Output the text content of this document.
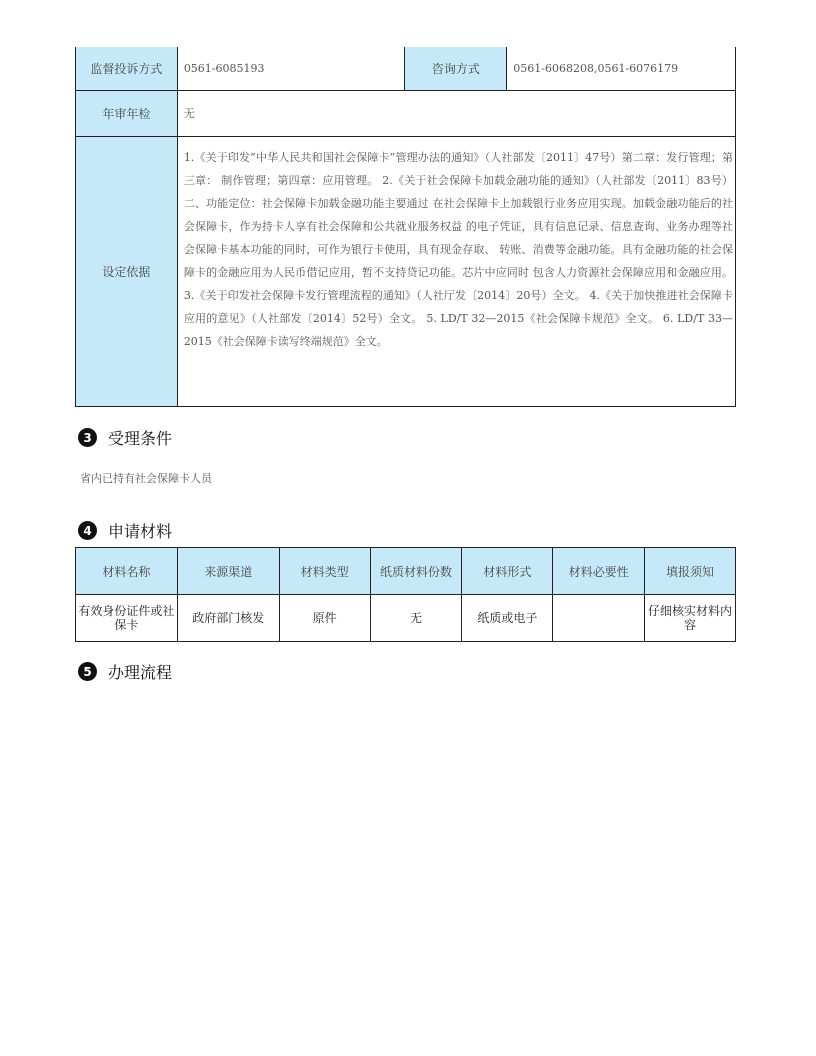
监督投诉方式	0561-6085193	咨询方式	0561-6068208,0561-6076179
年审年检	无		
设定依据	1.《关于印发“中华人民共和国社会保障卡”管理办法的通知》（人社部发〔2011〕47号）第二章：发行管理；第三章： 制作管理；第四章：应用管理。 2.《关于社会保障卡加载金融功能的通知》（人社部发〔2011〕83号）二、功能定位：社会保障卡加载金融功能主要通过 在社会保障卡上加载银行业务应用实现。加载金融功能后的社会保障卡，作为持卡人享有社会保障和公共就业服务权益 的电子凭证，具有信息记录、信息查询、业务办理等社会保障卡基本功能的同时，可作为银行卡使用，具有现金存取、 转账、消费等金融功能。具有金融功能的社会保障卡的金融应用为人民币借记应用，暂不支持贷记功能。芯片中应同时 包含人力资源社会保障应用和金融应用。 3.《关于印发社会保障卡发行管理流程的通知》（人社厅发〔2014〕20号）全文。 4.《关于加快推进社会保障卡应用的意见》（人社部发〔2014〕52号）全文。 5. LD/T 32—2015《社会保障卡规范》全文。 6. LD/T 33—2015《社会保障卡读写终端规范》全文。		
3	受理条件
省内已持有社会保障卡人员
4	申请材料
材料名称	来源渠道	材料类型	纸质材料份数	材料形式	材料必要性	填报须知
有效身份证件或社保卡	政府部门核发	原件	无	纸质或电子		仔细核实材料内容
5	办理流程
